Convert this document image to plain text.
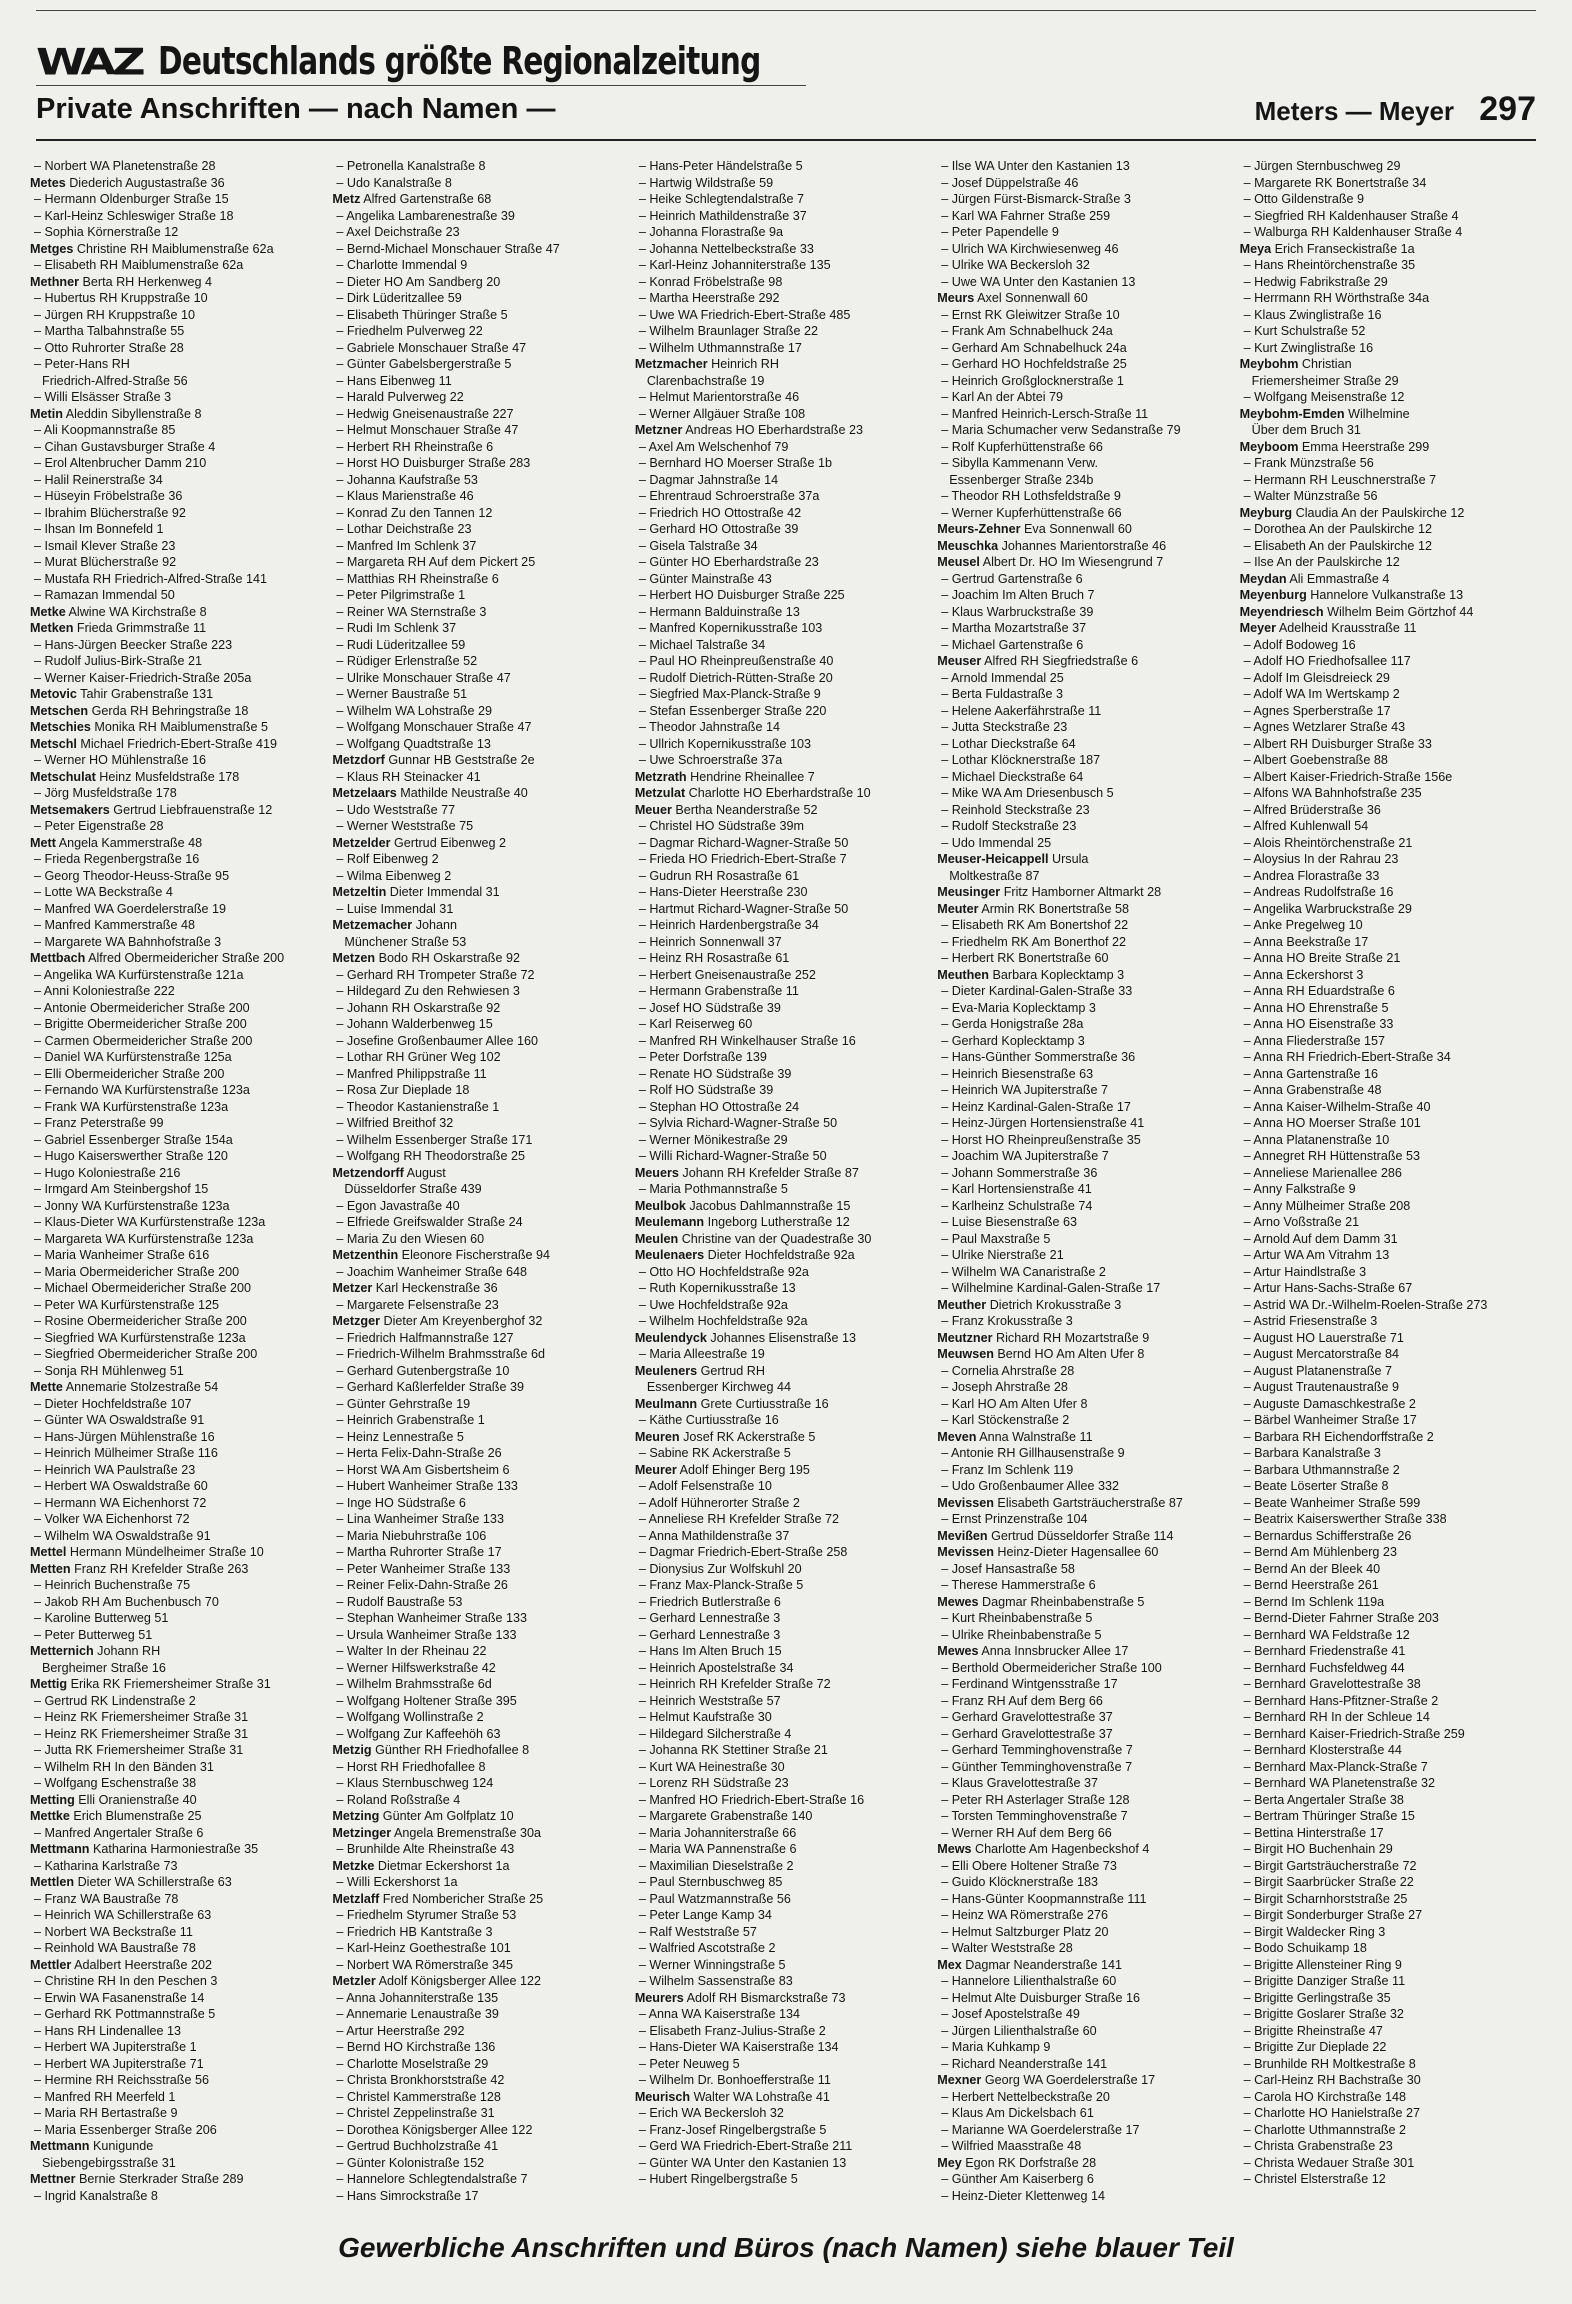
WAZ Deutschlands größte Regionalzeitung
Private Anschriften — nach Namen —	Meters — Meyer 297
– Norbert WA Planetenstraße 28
Metes Diederich Augustastraße 36
– Hermann Oldenburger Straße 15
– Karl-Heinz Schleswiger Straße 18
– Sophia Körnerstraße 12
Metges Christine RH Maiblumenstraße 62a
– Elisabeth RH Maiblumenstraße 62a
Methner Berta RH Herkenweg 4
– Hubertus RH Kruppstraße 10
– Jürgen RH Kruppstraße 10
– Martha Talbahnstraße 55
– Otto Ruhrorter Straße 28
– Peter-Hans RH
Friedrich-Alfred-Straße 56
– Willi Elsässer Straße 3
Metin Aleddin Sibyllenstraße 8
– Ali Koopmannstraße 85
– Cihan Gustavsburger Straße 4
– Erol Altenbrucher Damm 210
– Halil Reinerstraße 34
– Hüseyin Fröbelstraße 36
– Ibrahim Blücherstraße 92
– Ihsan Im Bonnefeld 1
– Ismail Klever Straße 23
– Murat Blücherstraße 92
– Mustafa RH Friedrich-Alfred-Straße 141
– Ramazan Immendal 50
Metke Alwine WA Kirchstraße 8
Metken Frieda Grimmstraße 11
– Hans-Jürgen Beecker Straße 223
– Rudolf Julius-Birk-Straße 21
– Werner Kaiser-Friedrich-Straße 205a
Metovic Tahir Grabenstraße 131
Metschen Gerda RH Behringstraße 18
Metschies Monika RH Maiblumenstraße 5
Metschl Michael Friedrich-Ebert-Straße 419
– Werner HO Mühlenstraße 16
Metschulat Heinz Musfeldstraße 178
– Jörg Musfeldstraße 178
Metsemakers Gertrud Liebfrauenstraße 12
– Peter Eigenstraße 28
Mett Angela Kammerstraße 48
– Frieda Regenbergstraße 16
– Georg Theodor-Heuss-Straße 95
– Lotte WA Beckstraße 4
– Manfred WA Goerdelerstraße 19
– Manfred Kammerstraße 48
– Margarete WA Bahnhofstraße 3
Mettbach Alfred Obermeidericher Straße 200
– Angelika WA Kurfürstenstraße 121a
– Anni Koloniestraße 222
– Antonie Obermeidericher Straße 200
– Brigitte Obermeidericher Straße 200
– Carmen Obermeidericher Straße 200
– Daniel WA Kurfürstenstraße 125a
– Elli Obermeidericher Straße 200
– Fernando WA Kurfürstenstraße 123a
– Frank WA Kurfürstenstraße 123a
– Franz Peterstraße 99
– Gabriel Essenberger Straße 154a
– Hugo Kaiserswerther Straße 120
– Hugo Koloniestraße 216
– Irmgard Am Steinbergshof 15
– Jonny WA Kurfürstenstraße 123a
– Klaus-Dieter WA Kurfürstenstraße 123a
– Margareta WA Kurfürstenstraße 123a
– Maria Wanheimer Straße 616
– Maria Obermeidericher Straße 200
– Michael Obermeidericher Straße 200
– Peter WA Kurfürstenstraße 125
– Rosine Obermeidericher Straße 200
– Siegfried WA Kurfürstenstraße 123a
– Siegfried Obermeidericher Straße 200
– Sonja RH Mühlenweg 51
Mette Annemarie Stolzestraße 54
– Dieter Hochfeldstraße 107
– Günter WA Oswaldstraße 91
– Hans-Jürgen Mühlenstraße 16
– Heinrich Mülheimer Straße 116
– Heinrich WA Paulstraße 23
– Herbert WA Oswaldstraße 60
– Hermann WA Eichenhorst 72
– Volker WA Eichenhorst 72
– Wilhelm WA Oswaldstraße 91
Mettel Hermann Mündelheimer Straße 10
Metten Franz RH Krefelder Straße 263
– Heinrich Buchenstraße 75
– Jakob RH Am Buchenbusch 70
– Karoline Butterweg 51
– Peter Butterweg 51
Metternich Johann RH
Bergheimer Straße 16
Mettig Erika RK Friemersheimer Straße 31
– Gertrud RK Lindenstraße 2
– Heinz RK Friemersheimer Straße 31
– Heinz RK Friemersheimer Straße 31
– Jutta RK Friemersheimer Straße 31
– Wilhelm RH In den Bänden 31
– Wolfgang Eschenstraße 38
Metting Elli Oranienstraße 40
Mettke Erich Blumenstraße 25
– Manfred Angertaler Straße 6
Mettmann Katharina Harmoniestraße 35
– Katharina Karlstraße 73
Mettlen Dieter WA Schillerstraße 63
– Franz WA Baustraße 78
– Heinrich WA Schillerstraße 63
– Norbert WA Beckstraße 11
– Reinhold WA Baustraße 78
Mettler Adalbert Heerstraße 202
– Christine RH In den Peschen 3
– Erwin WA Fasanenstraße 14
– Gerhard RK Pottmannstraße 5
– Hans RH Lindenallee 13
– Herbert WA Jupiterstraße 1
– Herbert WA Jupiterstraße 71
– Hermine RH Reichsstraße 56
– Manfred RH Meerfeld 1
– Maria RH Bertastraße 9
– Maria Essenberger Straße 206
Mettmann Kunigunde
Siebengebirgsstraße 31
Mettner Bernie Sterkrader Straße 289
– Ingrid Kanalstraße 8
– Petronella Kanalstraße 8
– Udo Kanalstraße 8
Metz Alfred Gartenstraße 68
– Angelika Lambarenestraße 39
– Axel Deichstraße 23
– Bernd-Michael Monschauer Straße 47
– Charlotte Immendal 9
– Dieter HO Am Sandberg 20
– Dirk Lüderitzallee 59
– Elisabeth Thüringer Straße 5
– Friedhelm Pulverweg 22
– Gabriele Monschauer Straße 47
– Günter Gabelsbergerstraße 5
– Hans Eibenweg 11
– Harald Pulverweg 22
– Hedwig Gneisenaustraße 227
– Helmut Monschauer Straße 47
– Herbert RH Rheinstraße 6
– Horst HO Duisburger Straße 283
– Johanna Kaufstraße 53
– Klaus Marienstraße 46
– Konrad Zu den Tannen 12
– Lothar Deichstraße 23
– Manfred Im Schlenk 37
– Margareta RH Auf dem Pickert 25
– Matthias RH Rheinstraße 6
– Peter Pilgrimstraße 1
– Reiner WA Sternstraße 3
– Rudi Im Schlenk 37
– Rudi Lüderitzallee 59
– Rüdiger Erlenstraße 52
– Ulrike Monschauer Straße 47
– Werner Baustraße 51
– Wilhelm WA Lohstraße 29
– Wolfgang Monschauer Straße 47
– Wolfgang Quadtstraße 13
Metzdorf Gunnar HB Geststraße 2e
– Klaus RH Steinacker 41
Metzelaars Mathilde Neustraße 40
– Udo Weststraße 77
– Werner Weststraße 75
Metzelder Gertrud Eibenweg 2
– Rolf Eibenweg 2
– Wilma Eibenweg 2
Metzeltin Dieter Immendal 31
– Luise Immendal 31
Metzemacher Johann
Münchener Straße 53
Metzen Bodo RH Oskarstraße 92
– Gerhard RH Trompeter Straße 72
– Hildegard Zu den Rehwiesen 3
– Johann RH Oskarstraße 92
– Johann Walderbenweg 15
– Josefine Großenbaumer Allee 160
– Lothar RH Grüner Weg 102
– Manfred Philippstraße 11
– Rosa Zur Dieplade 18
– Theodor Kastanienstraße 1
– Wilfried Breithof 32
– Wilhelm Essenberger Straße 171
– Wolfgang RH Theodorstraße 25
Metzendorff August
Düsseldorfer Straße 439
– Egon Javastraße 40
– Elfriede Greifswalder Straße 24
– Maria Zu den Wiesen 60
Metzenthin Eleonore Fischerstraße 94
– Joachim Wanheimer Straße 648
Metzer Karl Heckenstraße 36
– Margarete Felsenstraße 23
Metzger Dieter Am Kreyenberghof 32
– Friedrich Halfmannstraße 127
– Friedrich-Wilhelm Brahmsstraße 6d
– Gerhard Gutenbergstraße 10
– Gerhard Kaßlerfelder Straße 39
– Günter Gehrstraße 19
– Heinrich Grabenstraße 1
– Heinz Lennestraße 5
– Herta Felix-Dahn-Straße 26
– Horst WA Am Gisbertsheim 6
– Hubert Wanheimer Straße 133
– Inge HO Südstraße 6
– Lina Wanheimer Straße 133
– Maria Niebuhrstraße 106
– Martha Ruhrorter Straße 17
– Peter Wanheimer Straße 133
– Reiner Felix-Dahn-Straße 26
– Rudolf Baustraße 53
– Stephan Wanheimer Straße 133
– Ursula Wanheimer Straße 133
– Walter In der Rheinau 22
– Werner Hilfswerkstraße 42
– Wilhelm Brahmsstraße 6d
– Wolfgang Holtener Straße 395
– Wolfgang Wollinstraße 2
– Wolfgang Zur Kaffeehöh 63
Metzig Günther RH Friedhofallee 8
– Horst RH Friedhofallee 8
– Klaus Sternbuschweg 124
– Roland Roßstraße 4
Metzing Günter Am Golfplatz 10
Metzinger Angela Bremenstraße 30a
– Brunhilde Alte Rheinstraße 43
Metzke Dietmar Eckershorst 1a
– Willi Eckershorst 1a
Metzlaff Fred Nombericher Straße 25
– Friedhelm Styrumer Straße 53
– Friedrich HB Kantstraße 3
– Karl-Heinz Goethestraße 101
– Norbert WA Römerstraße 345
Metzler Adolf Königsberger Allee 122
– Anna Johanniterstraße 135
– Annemarie Lenaustraße 39
– Artur Heerstraße 292
– Bernd HO Kirchstraße 136
– Charlotte Moselstraße 29
– Christa Bronkhorststraße 42
– Christel Kammerstraße 128
– Christel Zeppelinstraße 31
– Dorothea Königsberger Allee 122
– Gertrud Buchholzstraße 41
– Günter Kolonistraße 152
– Hannelore Schlegtendalstraße 7
– Hans Simrockstraße 17
– Hans-Peter Händelstraße 5
– Hartwig Wildstraße 59
– Heike Schlegtendalstraße 7
– Heinrich Mathildenstraße 37
– Johanna Florastraße 9a
– Johanna Nettelbeckstraße 33
– Karl-Heinz Johanniterstraße 135
– Konrad Fröbelstraße 98
– Martha Heerstraße 292
– Uwe WA Friedrich-Ebert-Straße 485
– Wilhelm Braunlager Straße 22
– Wilhelm Uthmannstraße 17
Metzmacher Heinrich RH
Clarenbachstraße 19
– Helmut Marientorstraße 46
– Werner Allgäuer Straße 108
Metzner Andreas HO Eberhardstraße 23
– Axel Am Welschenhof 79
– Bernhard HO Moerser Straße 1b
– Dagmar Jahnstraße 14
– Ehrentraud Schroerstraße 37a
– Friedrich HO Ottostraße 42
– Gerhard HO Ottostraße 39
– Gisela Talstraße 34
– Günter HO Eberhardstraße 23
– Günter Mainstraße 43
– Herbert HO Duisburger Straße 225
– Hermann Balduinstraße 13
– Manfred Kopernikusstraße 103
– Michael Talstraße 34
– Paul HO Rheinpreußenstraße 40
– Rudolf Dietrich-Rütten-Straße 20
– Siegfried Max-Planck-Straße 9
– Stefan Essenberger Straße 220
– Theodor Jahnstraße 14
– Ullrich Kopernikusstraße 103
– Uwe Schroerstraße 37a
Metzrath Hendrine Rheinallee 7
Metzulat Charlotte HO Eberhardstraße 10
Meuer Bertha Neanderstraße 52
– Christel HO Südstraße 39m
– Dagmar Richard-Wagner-Straße 50
– Frieda HO Friedrich-Ebert-Straße 7
– Gudrun RH Rosastraße 61
– Hans-Dieter Heerstraße 230
– Hartmut Richard-Wagner-Straße 50
– Heinrich Hardenbergstraße 34
– Heinrich Sonnenwall 37
– Heinz RH Rosastraße 61
– Herbert Gneisenaustraße 252
– Hermann Grabenstraße 11
– Josef HO Südstraße 39
– Karl Reiserweg 60
– Manfred RH Winkelhauser Straße 16
– Peter Dorfstraße 139
– Renate HO Südstraße 39
– Rolf HO Südstraße 39
– Stephan HO Ottostraße 24
– Sylvia Richard-Wagner-Straße 50
– Werner Mönikestraße 29
– Willi Richard-Wagner-Straße 50
Meuers Johann RH Krefelder Straße 87
– Maria Pothmannstraße 5
Meulbok Jacobus Dahlmannstraße 15
Meulemann Ingeborg Lutherstraße 12
Meulen Christine van der Quadestraße 30
Meulenaers Dieter Hochfeldstraße 92a
– Otto HO Hochfeldstraße 92a
– Ruth Kopernikusstraße 13
– Uwe Hochfeldstraße 92a
– Wilhelm Hochfeldstraße 92a
Meulendyck Johannes Elisenstraße 13
– Maria Alleestraße 19
Meuleners Gertrud RH
Essenberger Kirchweg 44
Meulmann Grete Curtiusstraße 16
– Käthe Curtiusstraße 16
Meuren Josef RK Ackerstraße 5
– Sabine RK Ackerstraße 5
Meurer Adolf Ehinger Berg 195
– Adolf Felsenstraße 10
– Adolf Hühnerorter Straße 2
– Anneliese RH Krefelder Straße 72
– Anna Mathildenstraße 37
– Dagmar Friedrich-Ebert-Straße 258
– Dionysius Zur Wolfskuhl 20
– Franz Max-Planck-Straße 5
– Friedrich Butlerstraße 6
– Gerhard Lennestraße 3
– Gerhard Lennestraße 3
– Hans Im Alten Bruch 15
– Heinrich Apostelstraße 34
– Heinrich RH Krefelder Straße 72
– Heinrich Weststraße 57
– Helmut Kaufstraße 30
– Hildegard Silcherstraße 4
– Johanna RK Stettiner Straße 21
– Kurt WA Heinestraße 30
– Lorenz RH Südstraße 23
– Manfred HO Friedrich-Ebert-Straße 16
– Margarete Grabenstraße 140
– Maria Johanniterstraße 66
– Maria WA Pannenstraße 6
– Maximilian Dieselstraße 2
– Paul Sternbuschweg 85
– Paul Watzmannstraße 56
– Peter Lange Kamp 34
– Ralf Weststraße 57
– Walfried Ascotstraße 2
– Werner Winningstraße 5
– Wilhelm Sassenstraße 83
Meurers Adolf RH Bismarckstraße 73
– Anna WA Kaiserstraße 134
– Elisabeth Franz-Julius-Straße 2
– Hans-Dieter WA Kaiserstraße 134
– Peter Neuweg 5
– Wilhelm Dr. Bonhoefferstraße 11
Meurisch Walter WA Lohstraße 41
– Erich WA Beckersloh 32
– Franz-Josef Ringelbergstraße 5
– Gerd WA Friedrich-Ebert-Straße 211
– Günter WA Unter den Kastanien 13
– Hubert Ringelbergstraße 5
– Ilse WA Unter den Kastanien 13
– Josef Düppelstraße 46
– Jürgen Fürst-Bismarck-Straße 3
– Karl WA Fahrner Straße 259
– Peter Papendelle 9
– Ulrich WA Kirchwiesenweg 46
– Ulrike WA Beckersloh 32
– Uwe WA Unter den Kastanien 13
Meurs Axel Sonnenwall 60
– Ernst RK Gleiwitzer Straße 10
– Frank Am Schnabelhuck 24a
– Gerhard Am Schnabelhuck 24a
– Gerhard HO Hochfeldstraße 25
– Heinrich Großglocknerstraße 1
– Karl An der Abtei 79
– Manfred Heinrich-Lersch-Straße 11
– Maria Schumacher verw Sedanstraße 79
– Rolf Kupferhüttenstraße 66
– Sibylla Kammenann Verw.
Essenberger Straße 234b
– Theodor RH Lothsfeldstraße 9
– Werner Kupferhüttenstraße 66
Meurs-Zehner Eva Sonnenwall 60
Meuschka Johannes Marientorstraße 46
Meusel Albert Dr. HO Im Wiesengrund 7
– Gertrud Gartenstraße 6
– Joachim Im Alten Bruch 7
– Klaus Warbruckstraße 39
– Martha Mozartstraße 37
– Michael Gartenstraße 6
Meuser Alfred RH Siegfriedstraße 6
– Arnold Immendal 25
– Berta Fuldastraße 3
– Helene Aakerfährstraße 11
– Jutta Steckstraße 23
– Lothar Dieckstraße 64
– Lothar Klöcknerstraße 187
– Michael Dieckstraße 64
– Mike WA Am Driesenbusch 5
– Reinhold Steckstraße 23
– Rudolf Steckstraße 23
– Udo Immendal 25
Meuser-Heicappell Ursula
Moltkestraße 87
Meusinger Fritz Hamborner Altmarkt 28
Meuter Armin RK Bonertstraße 58
– Elisabeth RK Am Bonertshof 22
– Friedhelm RK Am Bonerthof 22
– Herbert RK Bonertstraße 60
Meuthen Barbara Koplecktamp 3
– Dieter Kardinal-Galen-Straße 33
– Eva-Maria Koplecktamp 3
– Gerda Honigstraße 28a
– Gerhard Koplecktamp 3
– Hans-Günther Sommerstraße 36
– Heinrich Biesenstraße 63
– Heinrich WA Jupiterstraße 7
– Heinz Kardinal-Galen-Straße 17
– Heinz-Jürgen Hortensienstraße 41
– Horst HO Rheinpreußenstraße 35
– Joachim WA Jupiterstraße 7
– Johann Sommerstraße 36
– Karl Hortensienstraße 41
– Karlheinz Schulstraße 74
– Luise Biesenstraße 63
– Paul Maxstraße 5
– Ulrike Nierstraße 21
– Wilhelm WA Canaristraße 2
– Wilhelmine Kardinal-Galen-Straße 17
Meuther Dietrich Krokusstraße 3
– Franz Krokusstraße 3
Meutzner Richard RH Mozartstraße 9
Meuwsen Bernd HO Am Alten Ufer 8
– Cornelia Ahrstraße 28
– Joseph Ahrstraße 28
– Karl HO Am Alten Ufer 8
– Karl Stöckenstraße 2
Meven Anna Walnstraße 11
– Antonie RH Gillhausenstraße 9
– Franz Im Schlenk 119
– Udo Großenbaumer Allee 332
Mevissen Elisabeth Gartsträucherstraße 87
– Ernst Prinzenstraße 104
Mevißen Gertrud Düsseldorfer Straße 114
Mevissen Heinz-Dieter Hagensallee 60
– Josef Hansastraße 58
– Therese Hammerstraße 6
Mewes Dagmar Rheinbabenstraße 5
– Kurt Rheinbabenstraße 5
– Ulrike Rheinbabenstraße 5
Mewes Anna Innsbrucker Allee 17
– Berthold Obermeidericher Straße 100
– Ferdinand Wintgensstraße 17
– Franz RH Auf dem Berg 66
– Gerhard Gravelottestraße 37
– Gerhard Gravelottestraße 37
– Gerhard Temminghovenstraße 7
– Günther Temminghovenstraße 7
– Klaus Gravelottestraße 37
– Peter RH Asterlager Straße 128
– Torsten Temminghovenstraße 7
– Werner RH Auf dem Berg 66
Mews Charlotte Am Hagenbeckshof 4
– Elli Obere Holtener Straße 73
– Guido Klöcknerstraße 183
– Hans-Günter Koopmannstraße 111
– Heinz WA Römerstraße 276
– Helmut Saltzburger Platz 20
– Walter Weststraße 28
Mex Dagmar Neanderstraße 141
– Hannelore Lilienthalstraße 60
– Helmut Alte Duisburger Straße 16
– Josef Apostelstraße 49
– Jürgen Lilienthalstraße 60
– Maria Kuhkamp 9
– Richard Neanderstraße 141
Mexner Georg WA Goerdelerstraße 17
– Herbert Nettelbeckstraße 20
– Klaus Am Dickelsbach 61
– Marianne WA Goerdelerstraße 17
– Wilfried Maasstraße 48
Mey Egon RK Dorfstraße 28
– Günther Am Kaiserberg 6
– Heinz-Dieter Klettenweg 14
– Jürgen Sternbuschweg 29
– Margarete RK Bonertstraße 34
– Otto Gildenstraße 9
– Siegfried RH Kaldenhauser Straße 4
– Walburga RH Kaldenhauser Straße 4
Meya Erich Franseckistraße 1a
– Hans Rheintörchenstraße 35
– Hedwig Fabrikstraße 29
– Herrmann RH Wörthstraße 34a
– Klaus Zwinglistraße 16
– Kurt Schulstraße 52
– Kurt Zwinglistraße 16
Meybohm Christian
Friemersheimer Straße 29
– Wolfgang Meisenstraße 12
Meybohm-Emden Wilhelmine
Über dem Bruch 31
Meyboom Emma Heerstraße 299
– Frank Münzstraße 56
– Hermann RH Leuschnerstraße 7
– Walter Münzstraße 56
Meyburg Claudia An der Paulskirche 12
– Dorothea An der Paulskirche 12
– Elisabeth An der Paulskirche 12
– Ilse An der Paulskirche 12
Meydan Ali Emmastraße 4
Meyenburg Hannelore Vulkanstraße 13
Meyendriesch Wilhelm Beim Görtzhof 44
Meyer Adelheid Krausstraße 11
– Adolf Bodoweg 16
– Adolf HO Friedhofsallee 117
– Adolf Im Gleisdreieck 29
– Adolf WA Im Wertskamp 2
– Agnes Sperberstraße 17
– Agnes Wetzlarer Straße 43
– Albert RH Duisburger Straße 33
– Albert Goebenstraße 88
– Albert Kaiser-Friedrich-Straße 156e
– Alfons WA Bahnhofstraße 235
– Alfred Brüderstraße 36
– Alfred Kuhlenwall 54
– Alois Rheintörchenstraße 21
– Aloysius In der Rahrau 23
– Andrea Florastraße 33
– Andreas Rudolfstraße 16
– Angelika Warbruckstraße 29
– Anke Pregelweg 10
– Anna Beekstraße 17
– Anna HO Breite Straße 21
– Anna Eckershorst 3
– Anna RH Eduardstraße 6
– Anna HO Ehrenstraße 5
– Anna HO Eisenstraße 33
– Anna Fliederstraße 157
– Anna RH Friedrich-Ebert-Straße 34
– Anna Gartenstraße 16
– Anna Grabenstraße 48
– Anna Kaiser-Wilhelm-Straße 40
– Anna HO Moerser Straße 101
– Anna Platanenstraße 10
– Annegret RH Hüttenstraße 53
– Anneliese Marienallee 286
– Anny Falkstraße 9
– Anny Mülheimer Straße 208
– Arno Voßstraße 21
– Arnold Auf dem Damm 31
– Artur WA Am Vitrahm 13
– Artur Haindlstraße 3
– Artur Hans-Sachs-Straße 67
– Astrid WA Dr.-Wilhelm-Roelen-Straße 273
– Astrid Friesenstraße 3
– August HO Lauerstraße 71
– August Mercatorstraße 84
– August Platanenstraße 7
– August Trautenaustraße 9
– Auguste Damaschkestraße 2
– Bärbel Wanheimer Straße 17
– Barbara RH Eichendorffstraße 2
– Barbara Kanalstraße 3
– Barbara Uthmannstraße 2
– Beate Löserter Straße 8
– Beate Wanheimer Straße 599
– Beatrix Kaiserswerther Straße 338
– Bernardus Schifferstraße 26
– Bernd Am Mühlenberg 23
– Bernd An der Bleek 40
– Bernd Heerstraße 261
– Bernd Im Schlenk 119a
– Bernd-Dieter Fahrner Straße 203
– Bernhard WA Feldstraße 12
– Bernhard Friedenstraße 41
– Bernhard Fuchsfeldweg 44
– Bernhard Gravelottestraße 38
– Bernhard Hans-Pfitzner-Straße 2
– Bernhard RH In der Schleue 14
– Bernhard Kaiser-Friedrich-Straße 259
– Bernhard Klosterstraße 44
– Bernhard Max-Planck-Straße 7
– Bernhard WA Planetenstraße 32
– Berta Angertaler Straße 38
– Bertram Thüringer Straße 15
– Bettina Hinterstraße 17
– Birgit HO Buchenhain 29
– Birgit Gartsträucherstraße 72
– Birgit Saarbrücker Straße 22
– Birgit Scharnhorststraße 25
– Birgit Sonderburger Straße 27
– Birgit Waldecker Ring 3
– Bodo Schuikamp 18
– Brigitte Allensteiner Ring 9
– Brigitte Danziger Straße 11
– Brigitte Gerlingstraße 35
– Brigitte Goslarer Straße 32
– Brigitte Rheinstraße 47
– Brigitte Zur Dieplade 22
– Brunhilde RH Moltkestraße 8
– Carl-Heinz RH Bachstraße 30
– Carola HO Kirchstraße 148
– Charlotte HO Hanielstraße 27
– Charlotte Uthmannstraße 2
– Christa Grabenstraße 23
– Christa Wedauer Straße 301
– Christel Elsterstraße 12
Gewerbliche Anschriften und Büros (nach Namen) siehe blauer Teil
